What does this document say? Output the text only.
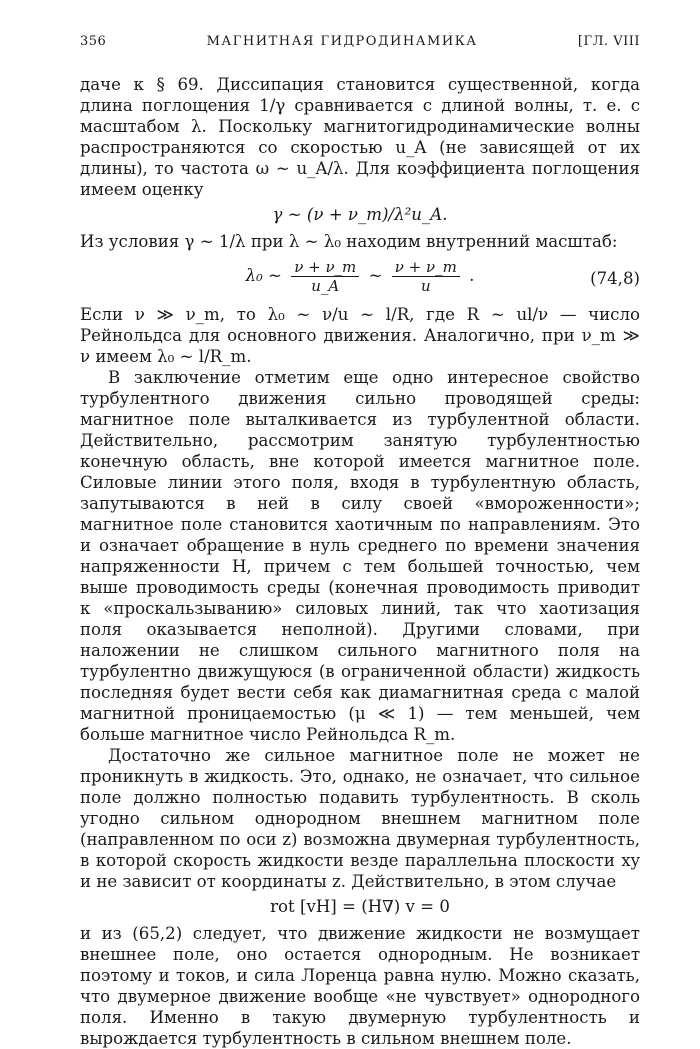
356	МАГНИТНАЯ ГИДРОДИНАМИКА	[ГЛ. VIII

даче к § 69. Диссипация становится существенной, когда длина поглощения 1/γ сравнивается с длиной волны, т. е. с масштабом λ. Поскольку магнитогидродинамические волны распространяются со скоростью u_A (не зависящей от их длины), то частота ω ~ u_A/λ. Для коэффициента поглощения имеем оценку

γ ~ (ν + ν_m)/λ²u_A.

Из условия γ ~ 1/λ при λ ~ λ₀ находим внутренний масштаб:

λ₀ ~ $\frac{\nu + \nu\_m}{u\_A}$ ~ $\frac{\nu + \nu\_m}{u}$ .	(74,8)

Если ν ≫ ν_m, то λ₀ ~ ν/u ~ l/R, где R ~ ul/ν — число Рейнольдса для основного движения. Аналогично, при ν_m ≫ ν имеем λ₀ ~ l/R_m.

В заключение отметим еще одно интересное свойство турбулентного движения сильно проводящей среды: магнитное поле выталкивается из турбулентной области. Действительно, рассмотрим занятую турбулентностью конечную область, вне которой имеется магнитное поле. Силовые линии этого поля, входя в турбулентную область, запутываются в ней в силу своей «вмороженности»; магнитное поле становится хаотичным по направлениям. Это и означает обращение в нуль среднего по времени значения напряженности H, причем с тем большей точностью, чем выше проводимость среды (конечная проводимость приводит к «проскальзыванию» силовых линий, так что хаотизация поля оказывается неполной). Другими словами, при наложении не слишком сильного магнитного поля на турбулентно движущуюся (в ограниченной области) жидкость последняя будет вести себя как диамагнитная среда с малой магнитной проницаемостью (μ ≪ 1) — тем меньшей, чем больше магнитное число Рейнольдса R_m.

Достаточно же сильное магнитное поле не может не проникнуть в жидкость. Это, однако, не означает, что сильное поле должно полностью подавить турбулентность. В сколь угодно сильном однородном внешнем магнитном поле (направленном по оси z) возможна двумерная турбулентность, в которой скорость жидкости везде параллельна плоскости xy и не зависит от координаты z. Действительно, в этом случае

rot [vH] = (H∇) v = 0

и из (65,2) следует, что движение жидкости не возмущает внешнее поле, оно остается однородным. Не возникает поэтому и токов, и сила Лоренца равна нулю. Можно сказать, что двумерное движение вообще «не чувствует» однородного поля. Именно в такую двумерную турбулентность и вырождается турбулентность в сильном внешнем поле.
